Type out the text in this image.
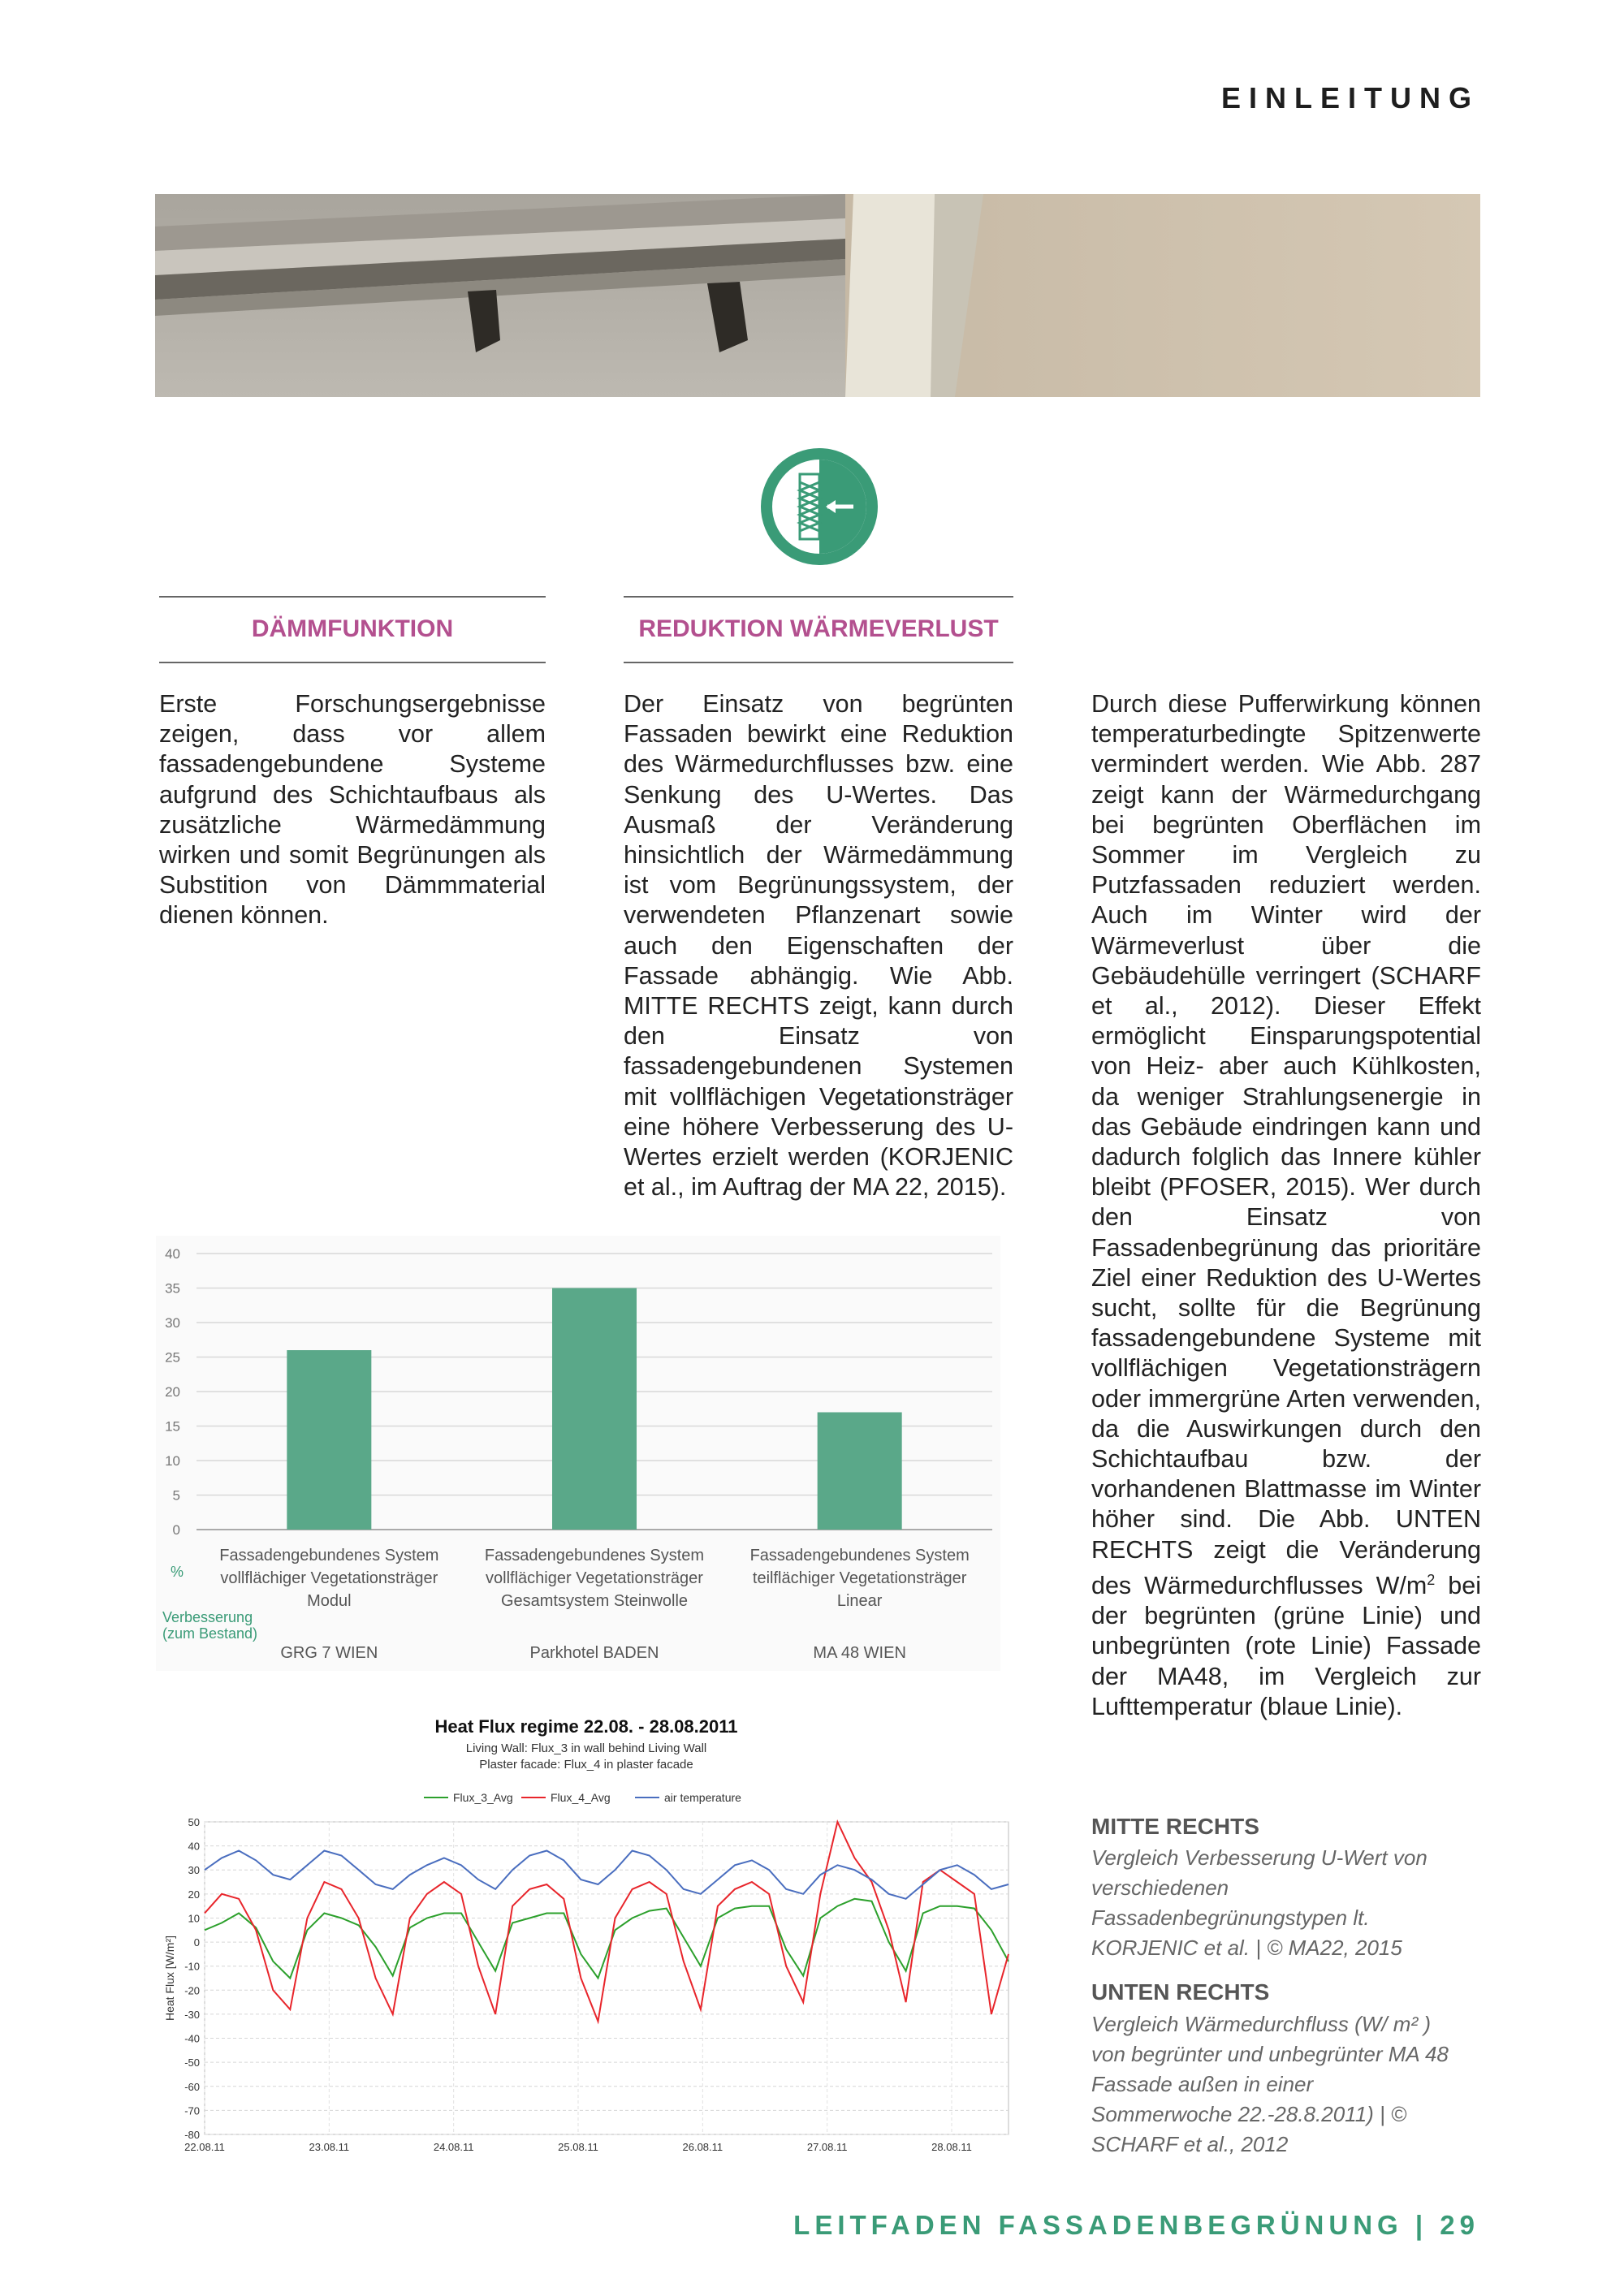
EINLEITUNG
DÄMMFUNKTION	REDUKTION WÄRMEVERLUST

Erste Forschungsergebnisse zeigen, dass vor allem fassadengebundene Systeme aufgrund des Schichtaufbaus als zusätzliche Wärmedämmung wirken und somit Begrünungen als Substition von Dämmmaterial dienen können.

Der Einsatz von begrünten Fassaden bewirkt eine Reduktion des Wärmedurchflusses bzw. eine Senkung des U-Wertes. Das Ausmaß der Veränderung hinsichtlich der Wärmedämmung ist vom Begrünungssystem, der verwendeten Pflanzenart sowie auch den Eigenschaften der Fassade abhängig. Wie Abb. MITTE RECHTS zeigt, kann durch den Einsatz von fassadengebundenen Systemen mit vollflächigen Vegetationsträger eine höhere Verbesserung des U-Wertes erzielt werden (KORJENIC et al., im Auftrag der MA 22, 2015).

Durch diese Pufferwirkung können temperaturbedingte Spitzenwerte vermindert werden. Wie Abb. 287 zeigt kann der Wärmedurchgang bei begrünten Oberflächen im Sommer im Vergleich zu Putzfassaden reduziert werden. Auch im Winter wird der Wärmeverlust über die Gebäudehülle verringert (SCHARF et al., 2012). Dieser Effekt ermöglicht Einsparungspotential von Heiz- aber auch Kühlkosten, da weniger Strahlungsenergie in das Gebäude eindringen kann und dadurch folglich das Innere kühler bleibt (PFOSER, 2015). Wer durch den Einsatz von Fassadenbegrünung das prioritäre Ziel einer Reduktion des U-Wertes sucht, sollte für die Begrünung fassadengebundene Systeme mit vollflächigen Vegetationsträgern oder immergrüne Arten verwenden, da die Auswirkungen durch den Schichtaufbau bzw. der vorhandenen Blattmasse im Winter höher sind. Die Abb. UNTEN RECHTS zeigt die Veränderung des Wärmedurchflusses $W/m^2$ bei der begrünten (grüne Linie) und unbegrünten (rote Linie) Fassade der MA48, im Vergleich zur Lufttemperatur (blaue Linie).

0
5
10
15
20
25
30
35
40
Fassadengebundenes System
vollflächiger Vegetationsträger
Modul
GRG 7 WIEN
Fassadengebundenes System
vollflächiger Vegetationsträger
Gesamtsystem Steinwolle
Parkhotel BADEN
Fassadengebundenes System
teilflächiger Vegetationsträger
Linear
MA 48 WIEN
%
Verbesserung
(zum Bestand)
Heat Flux regime 22.08. - 28.08.2011
Living Wall: Flux_3 in wall behind Living Wall
Plaster facade: Flux_4 in plaster facade
Flux_3_Avg	Flux_4_Avg	air temperature
50
40
30
20
10
0
-10
-20
-30
-40
-50
-60
-70
-80
22.08.11	23.08.11	24.08.11	25.08.11	26.08.11	27.08.11	28.08.11
Heat Flux [W/m²]
MITTE RECHTS
Vergleich Verbesserung U-Wert von verschiedenen Fassadenbegrünungstypen lt. KORJENIC et al. | © MA22, 2015
UNTEN RECHTS
Vergleich Wärmedurchfluss (W/ m² ) von begrünter und unbegrünter MA 48 Fassade außen in einer Sommerwoche 22.-28.8.2011) | © SCHARF et al., 2012
LEITFADEN FASSADENBEGRÜNUNG | 29
